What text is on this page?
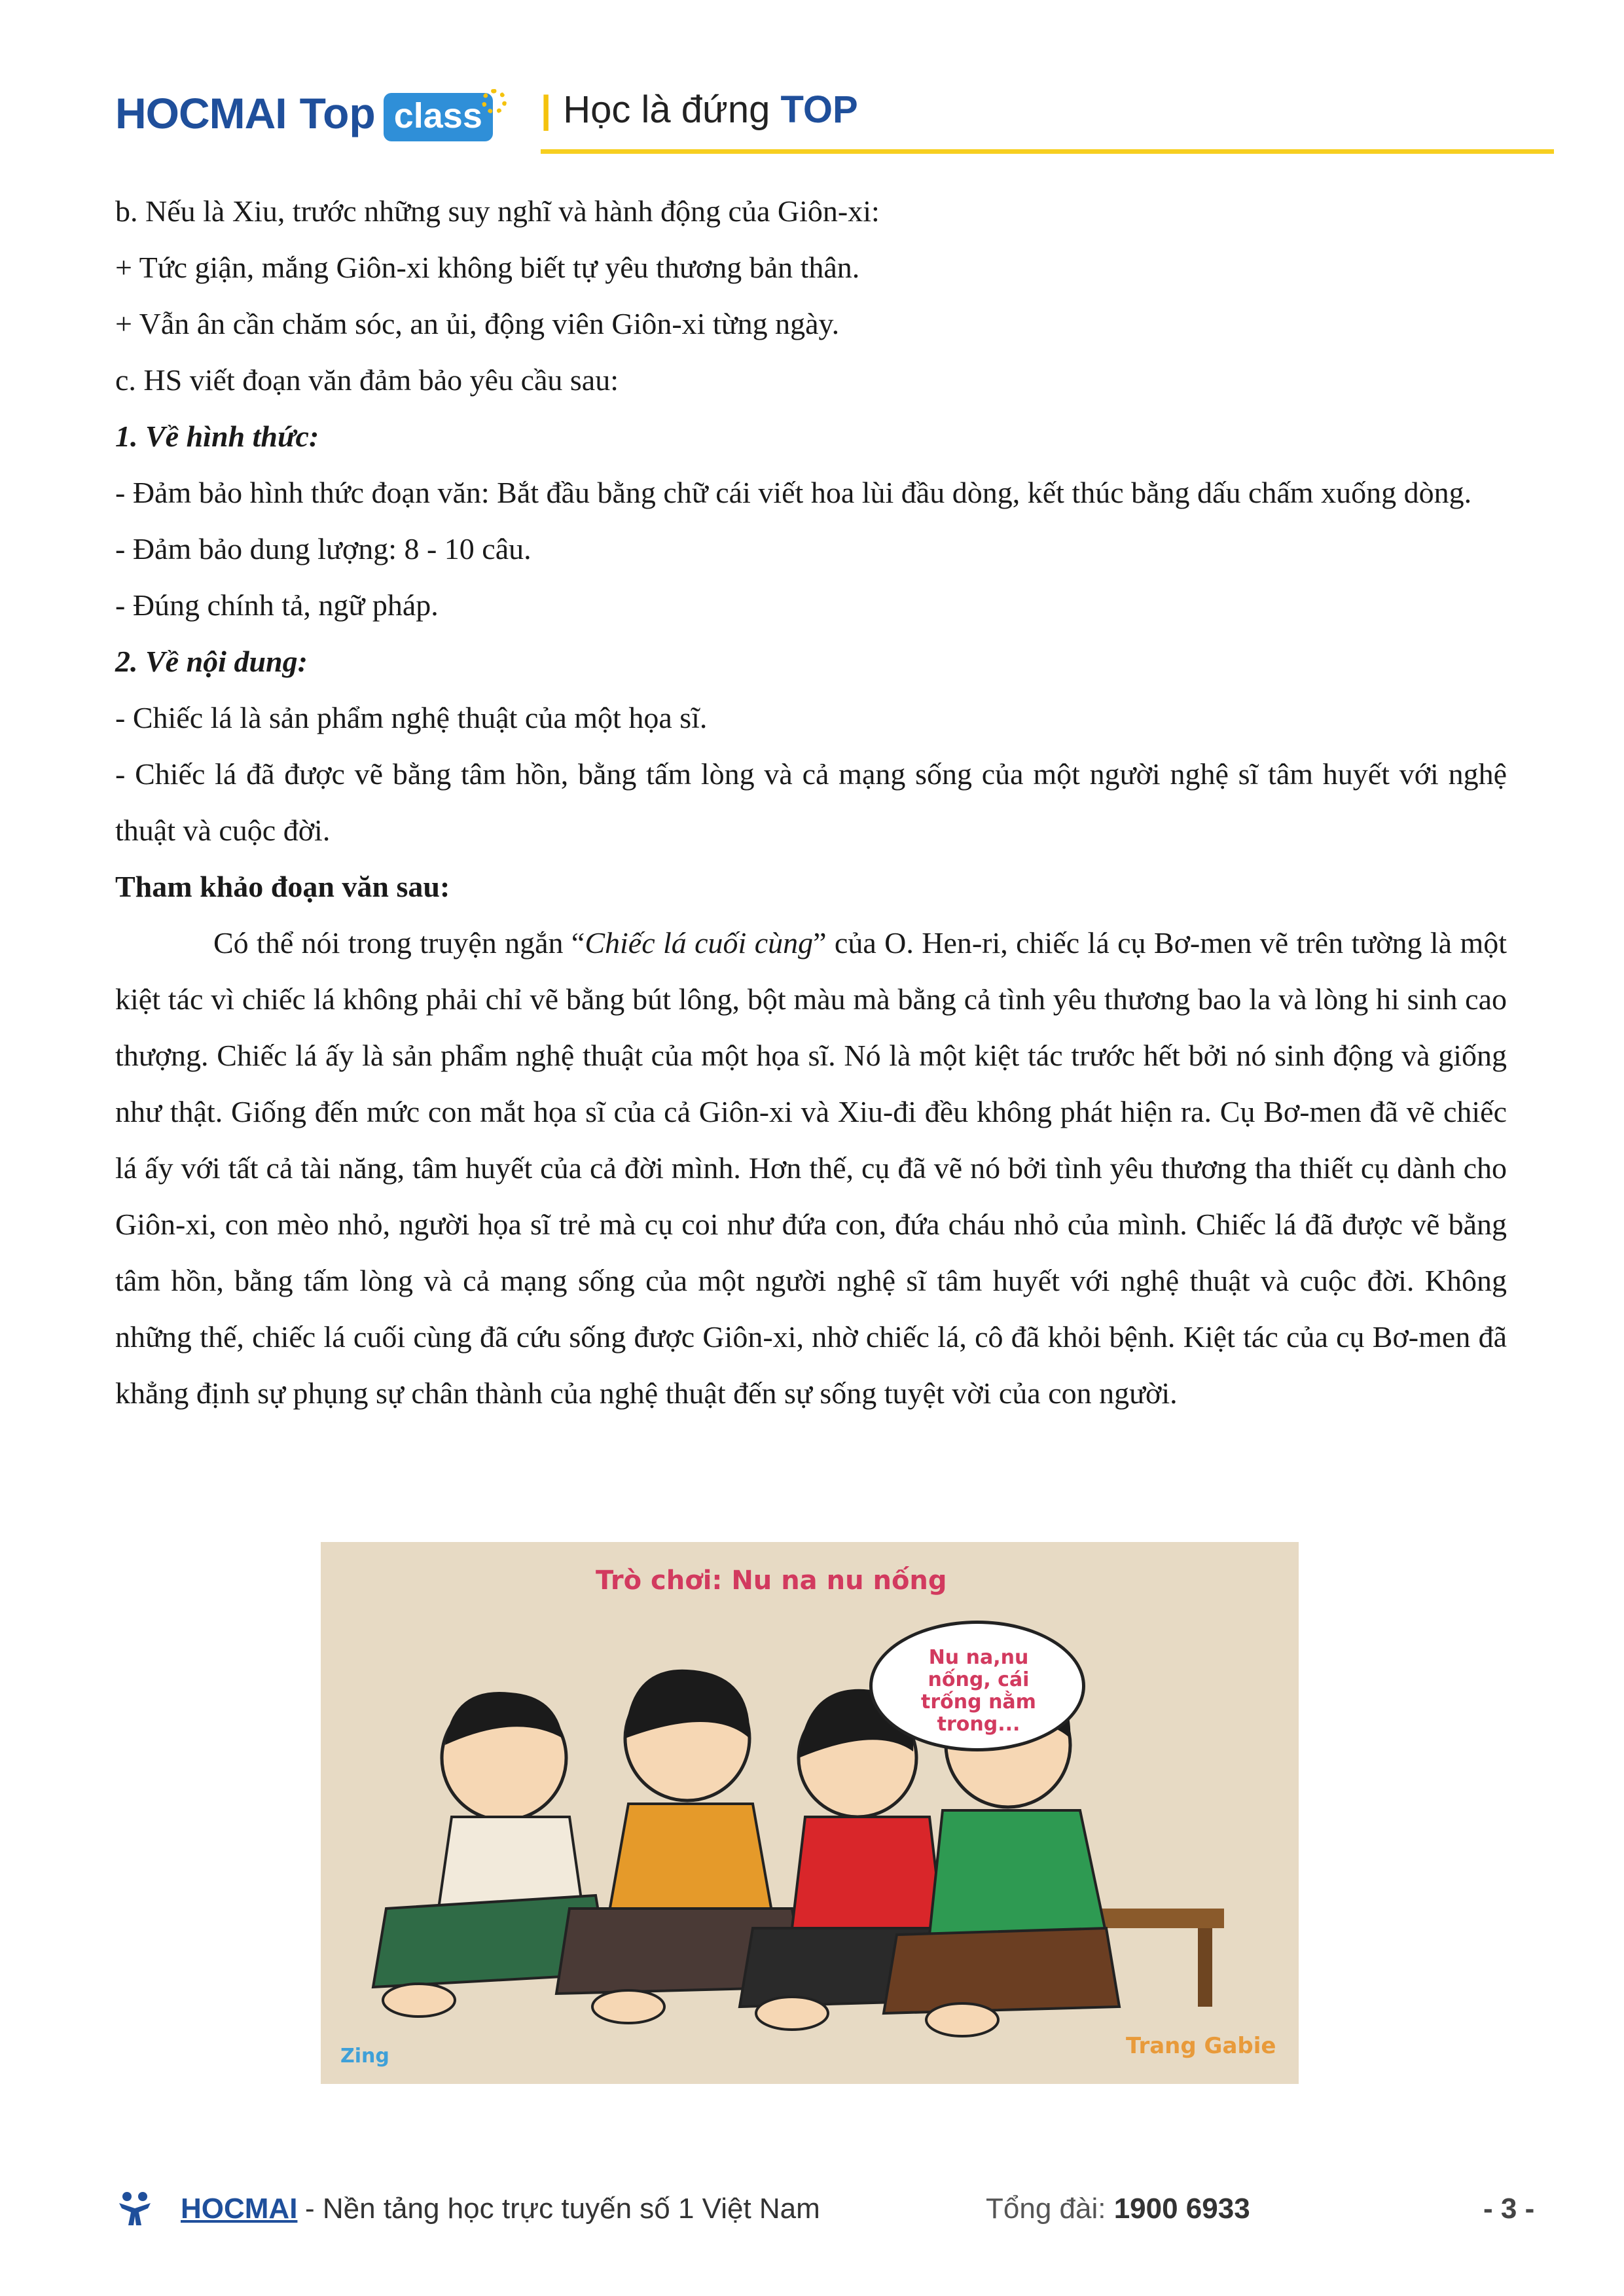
HOCMAI Top class | Học là đứng TOP

b. Nếu là Xiu, trước những suy nghĩ và hành động của Giôn-xi:

+ Tức giận, mắng Giôn-xi không biết tự yêu thương bản thân.

+ Vẫn ân cần chăm sóc, an ủi, động viên Giôn-xi từng ngày.

c. HS viết đoạn văn đảm bảo yêu cầu sau:

1. Về hình thức:

- Đảm bảo hình thức đoạn văn: Bắt đầu bằng chữ cái viết hoa lùi đầu dòng, kết thúc bằng dấu chấm xuống dòng.

- Đảm bảo dung lượng: 8 - 10 câu.

- Đúng chính tả, ngữ pháp.

2. Về nội dung:

- Chiếc lá là sản phẩm nghệ thuật của một họa sĩ.

- Chiếc lá đã được vẽ bằng tâm hồn, bằng tấm lòng và cả mạng sống của một người nghệ sĩ tâm huyết với nghệ thuật và cuộc đời.

Tham khảo đoạn văn sau:

Có thể nói trong truyện ngắn “Chiếc lá cuối cùng” của O. Hen-ri, chiếc lá cụ Bơ-men vẽ trên tường là một kiệt tác vì chiếc lá không phải chỉ vẽ bằng bút lông, bột màu mà bằng cả tình yêu thương bao la và lòng hi sinh cao thượng. Chiếc lá ấy là sản phẩm nghệ thuật của một họa sĩ. Nó là một kiệt tác trước hết bởi nó sinh động và giống như thật. Giống đến mức con mắt họa sĩ của cả Giôn-xi và Xiu-đi đều không phát hiện ra. Cụ Bơ-men đã vẽ chiếc lá ấy với tất cả tài năng, tâm huyết của cả đời mình. Hơn thế, cụ đã vẽ nó bởi tình yêu thương tha thiết cụ dành cho Giôn-xi, con mèo nhỏ, người họa sĩ trẻ mà cụ coi như đứa con, đứa cháu nhỏ của mình. Chiếc lá đã được vẽ bằng tâm hồn, bằng tấm lòng và cả mạng sống của một người nghệ sĩ tâm huyết với nghệ thuật và cuộc đời. Không những thế, chiếc lá cuối cùng đã cứu sống được Giôn-xi, nhờ chiếc lá, cô đã khỏi bệnh. Kiệt tác của cụ Bơ-men đã khẳng định sự phụng sự chân thành của nghệ thuật đến sự sống tuyệt vời của con người.

Trò chơi: Nu na nu nống
Nu na,nu nống, cái trống nằm trong...
Zing	Trang Gabie
HOCMAI - Nền tảng học trực tuyến số 1 Việt Nam	Tổng đài: 1900 6933	- 3 -
